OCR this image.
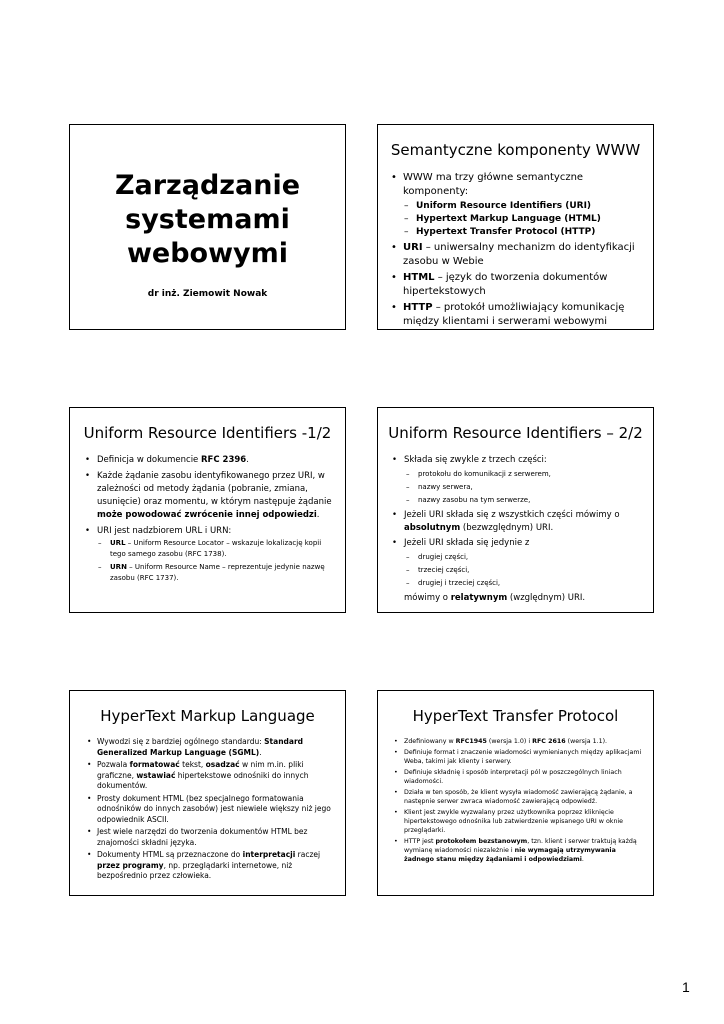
Zarządzanie
systemami
webowymi
dr inż. Ziemowit Nowak
Semantyczne komponenty WWW
• WWW ma trzy główne semantyczne komponenty:
– Uniform Resource Identifiers (URI)
– Hypertext Markup Language (HTML)
– Hypertext Transfer Protocol (HTTP)
• URI – uniwersalny mechanizm do identyfikacji zasobu w Webie
• HTML – język do tworzenia dokumentów hipertekstowych
• HTTP – protokół umożliwiający komunikację między klientami i serwerami webowymi
Uniform Resource Identifiers -1/2
• Definicja w dokumencie RFC 2396.
• Każde żądanie zasobu identyfikowanego przez URI, w zależności od metody żądania (pobranie, zmiana, usunięcie) oraz momentu, w którym następuje żądanie może powodować zwrócenie innej odpowiedzi.
• URI jest nadzbiorem URL i URN:
– URL – Uniform Resource Locator – wskazuje lokalizację kopii tego samego zasobu (RFC 1738).
– URN – Uniform Resource Name – reprezentuje jedynie nazwę zasobu (RFC 1737).
Uniform Resource Identifiers – 2/2
• Składa się zwykle z trzech części:
– protokołu do komunikacji z serwerem,
– nazwy serwera,
– nazwy zasobu na tym serwerze,
• Jeżeli URI składa się z wszystkich części mówimy o absolutnym (bezwzględnym) URI.
• Jeżeli URI składa się jedynie z
– drugiej części,
– trzeciej części,
– drugiej i trzeciej części,
mówimy o relatywnym (względnym) URI.
HyperText Markup Language
• Wywodzi się z bardziej ogólnego standardu: Standard Generalized Markup Language (SGML).
• Pozwala formatować tekst, osadzać w nim m.in. pliki graficzne, wstawiać hipertekstowe odnośniki do innych dokumentów.
• Prosty dokument HTML (bez specjalnego formatowania odnośników do innych zasobów) jest niewiele większy niż jego odpowiednik ASCII.
• Jest wiele narzędzi do tworzenia dokumentów HTML bez znajomości składni języka.
• Dokumenty HTML są przeznaczone do interpretacji raczej przez programy, np. przeglądarki internetowe, niż bezpośrednio przez człowieka.
HyperText Transfer Protocol
• Zdefiniowany w RFC1945 (wersja 1.0) i RFC 2616 (wersja 1.1).
• Definiuje format i znaczenie wiadomości wymienianych między aplikacjami Weba, takimi jak klienty i serwery.
• Definiuje składnię i sposób interpretacji pól w poszczególnych liniach wiadomości.
• Działa w ten sposób, że klient wysyła wiadomość zawierającą żądanie, a następnie serwer zwraca wiadomość zawierającą odpowiedź.
• Klient jest zwykle wyzwalany przez użytkownika poprzez kliknięcie hipertekstowego odnośnika lub zatwierdzenie wpisanego URI w oknie przeglądarki.
• HTTP jest protokołem bezstanowym, tzn. klient i serwer traktują każdą wymianę wiadomości niezależnie i nie wymagają utrzymywania żadnego stanu między żądaniami i odpowiedziami.
1
